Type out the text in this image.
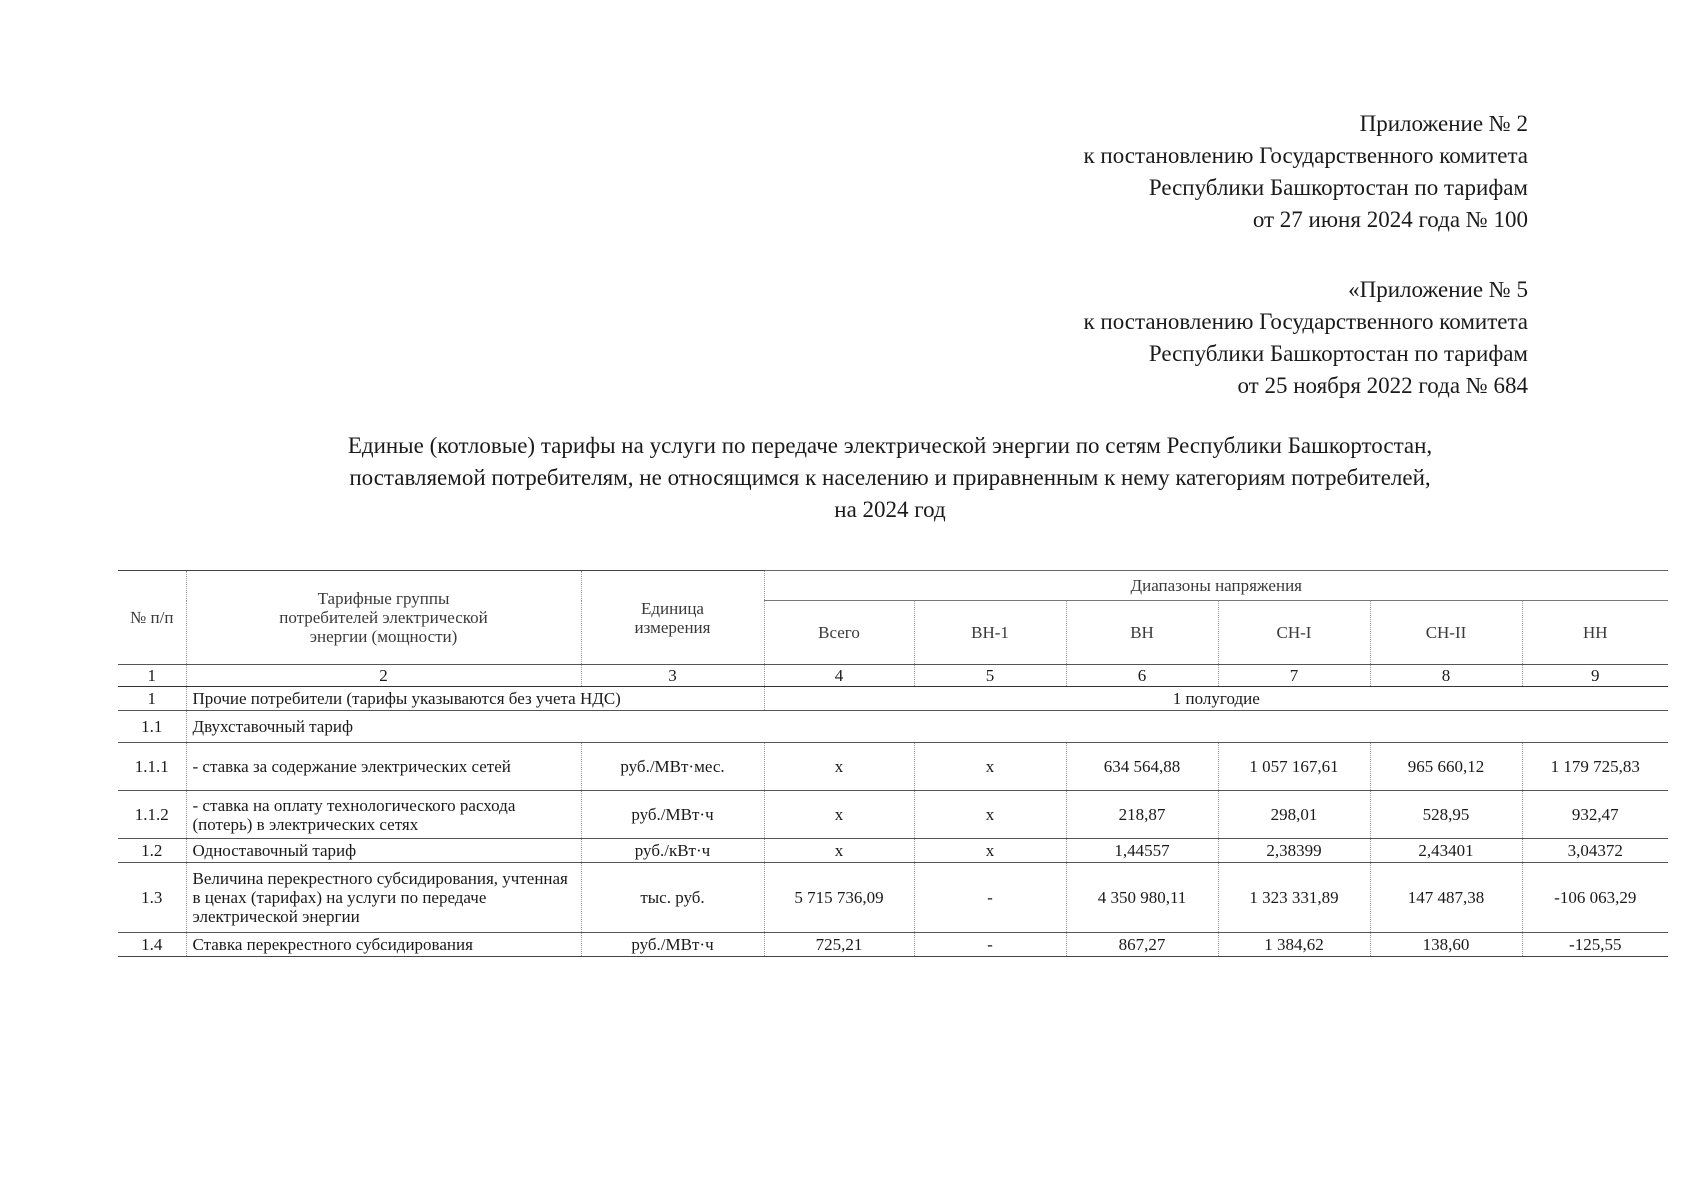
Приложение № 2
к постановлению Государственного комитета
Республики Башкортостан по тарифам
от 27 июня 2024 года № 100
«Приложение № 5
к постановлению Государственного комитета
Республики Башкортостан по тарифам
от 25 ноября 2022 года № 684
Единые (котловые) тарифы на услуги по передаче электрической энергии по сетям Республики Башкортостан,
поставляемой потребителям, не относящимся к населению и приравненным к нему категориям потребителей,
на 2024 год
№ п/п	Тарифные группы потребителей электрической энергии (мощности)	Единица измерения	Диапазоны напряжения					
			Всего	ВН-1	ВН	СН-I	СН-II	НН
1	2	3	4	5	6	7	8	9
1	Прочие потребители (тарифы указываются без учета НДС)		1 полугодие					
1.1	Двухставочный тариф							
1.1.1	- ставка за содержание электрических сетей	руб./МВт·мес.	х	х	634 564,88	1 057 167,61	965 660,12	1 179 725,83
1.1.2	- ставка на оплату технологического расхода (потерь) в электрических сетях	руб./МВт·ч	х	х	218,87	298,01	528,95	932,47
1.2	Одноставочный тариф	руб./кВт·ч	х	х	1,44557	2,38399	2,43401	3,04372
1.3	Величина перекрестного субсидирования, учтенная в ценах (тарифах) на услуги по передаче электрической энергии	тыс. руб.	5 715 736,09	-	4 350 980,11	1 323 331,89	147 487,38	-106 063,29
1.4	Ставка перекрестного субсидирования	руб./МВт·ч	725,21	-	867,27	1 384,62	138,60	-125,55
